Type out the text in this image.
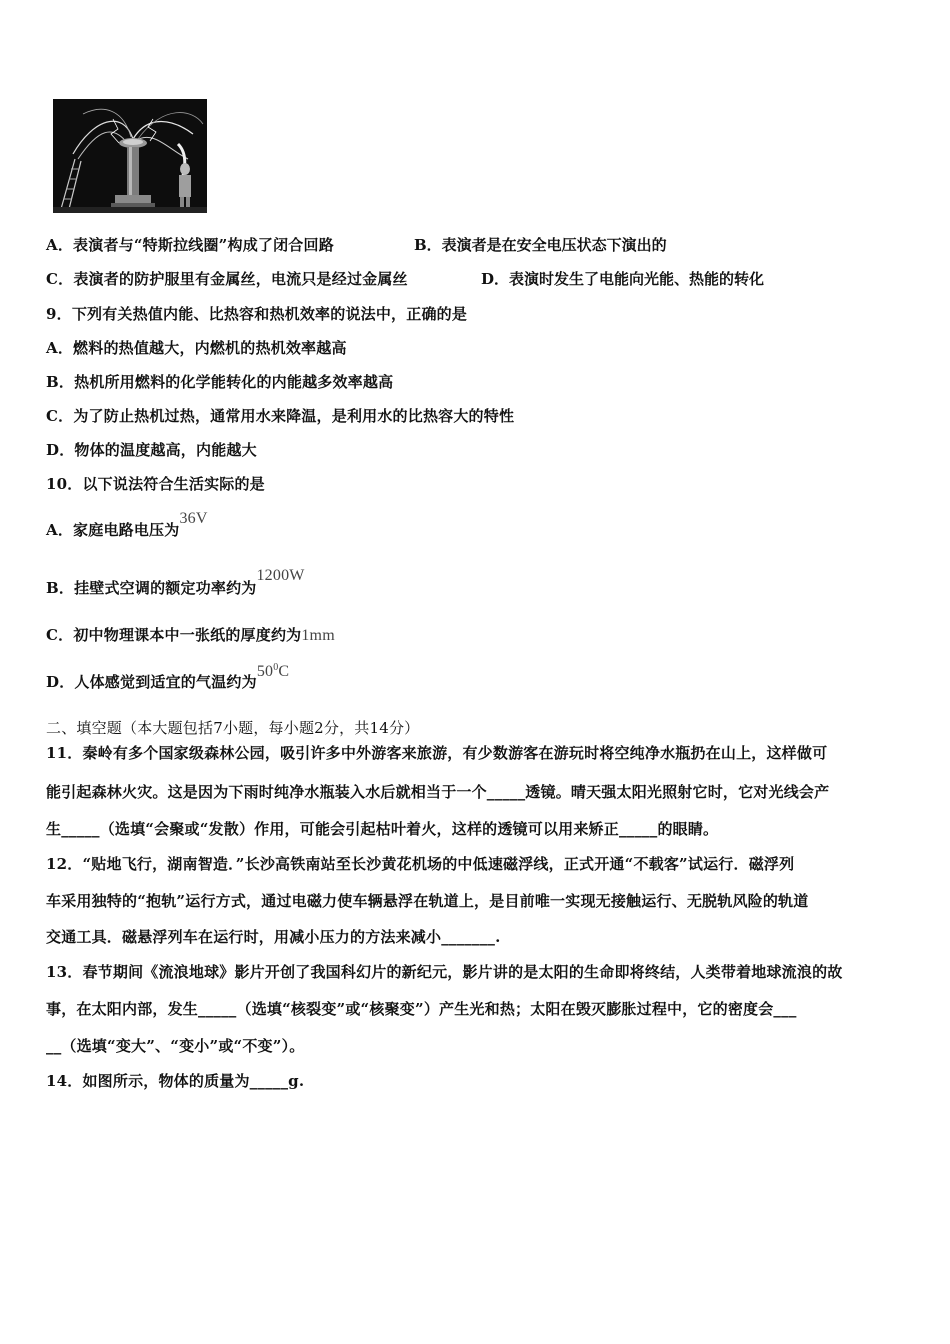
A．表演者与“特斯拉线圈”构成了闭合回路	B．表演者是在安全电压状态下演出的
C．表演者的防护服里有金属丝，电流只是经过金属丝	D．表演时发生了电能向光能、热能的转化
9．下列有关热值内能、比热容和热机效率的说法中，正确的是
A．燃料的热值越大，内燃机的热机效率越高
B．热机所用燃料的化学能转化的内能越多效率越高
C．为了防止热机过热，通常用水来降温，是利用水的比热容大的特性
D．物体的温度越高，内能越大
10．以下说法符合生活实际的是
A．家庭电路电压为36V
B．挂壁式空调的额定功率约为1200W
C．初中物理课本中一张纸的厚度约为1mm
D．人体感觉到适宜的气温约为$50^0C$
二、填空题（本大题包括7小题，每小题2分，共14分）
11．秦岭有多个国家级森林公园，吸引许多中外游客来旅游，有少数游客在游玩时将空纯净水瓶扔在山上，这样做可
能引起森林火灾。这是因为下雨时纯净水瓶装入水后就相当于一个_____透镜。晴天强太阳光照射它时，它对光线会产
生_____（选填“会聚或“发散）作用，可能会引起枯叶着火，这样的透镜可以用来矫正_____的眼睛。
12．“贴地飞行，湖南智造．”长沙高铁南站至长沙黄花机场的中低速磁浮线，正式开通“不载客”试运行．磁浮列
车采用独特的“抱轨”运行方式，通过电磁力使车辆悬浮在轨道上，是目前唯一实现无接触运行、无脱轨风险的轨道
交通工具．磁悬浮列车在运行时，用减小压力的方法来减小_______.
13．春节期间《流浪地球》影片开创了我国科幻片的新纪元，影片讲的是太阳的生命即将终结，人类带着地球流浪的故
事，在太阳内部，发生_____（选填“核裂变”或“核聚变”）产生光和热；太阳在毁灭膨胀过程中，它的密度会___
__（选填“变大”、“变小”或“不变”）。
14．如图所示，物体的质量为_____g.
